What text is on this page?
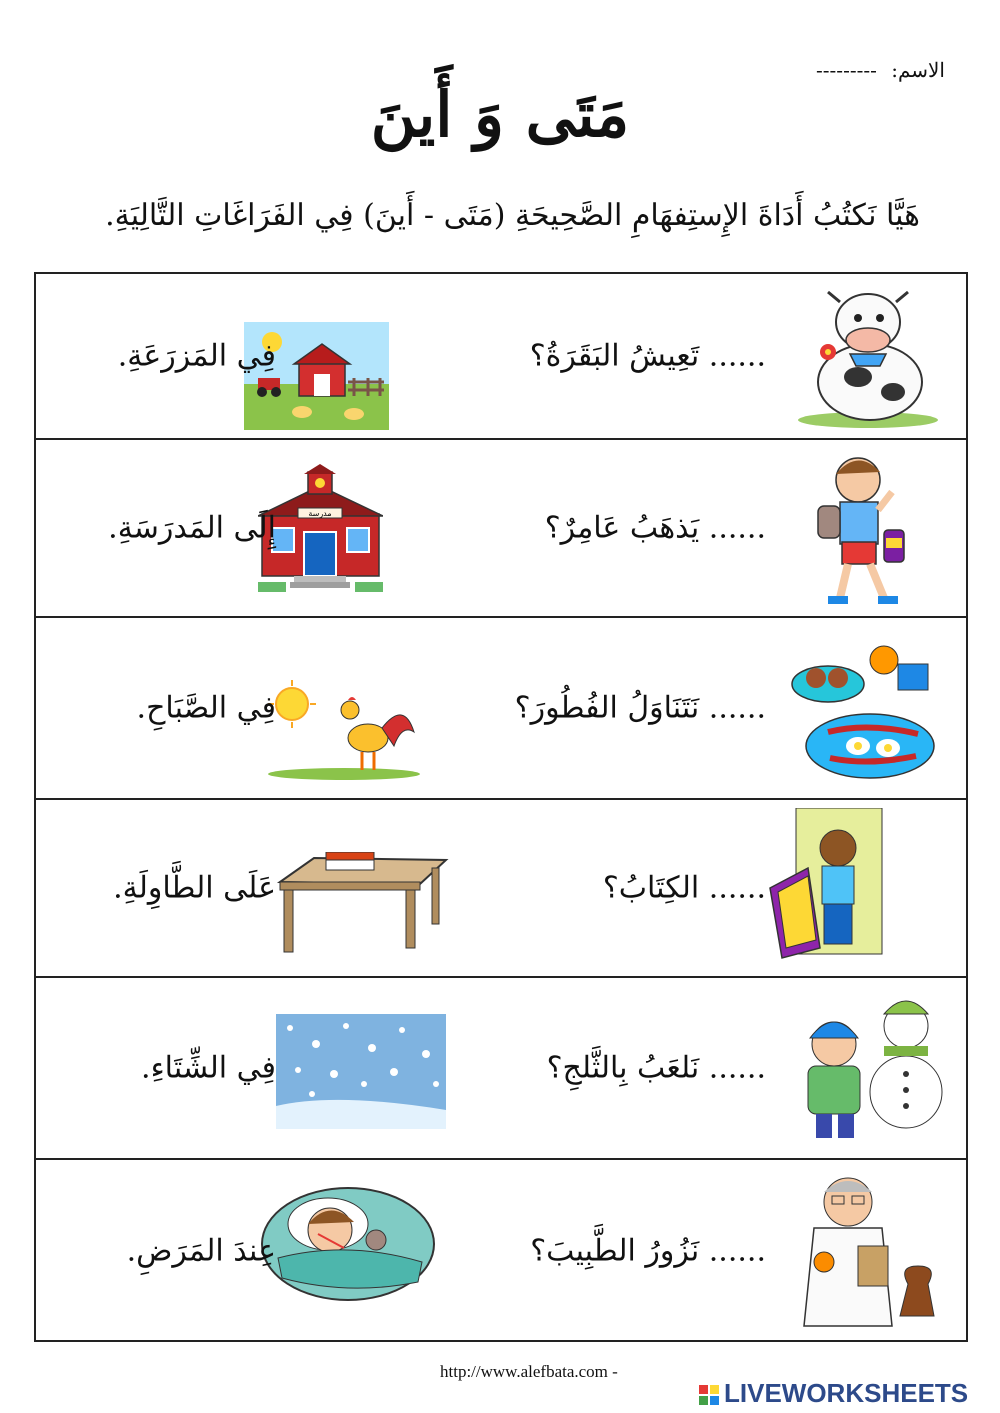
الاسم: ---------
مَتَى وَ أَينَ
هَيَّا نَكتُبُ أَدَاةَ الإِستِفهَامِ الصَّحِيحَةِ (مَتَى - أَينَ) فِي الفَرَاغَاتِ التَّالِيَةِ.
...... تَعِيشُ البَقَرَةُ؟
فِي المَزرَعَةِ.
...... يَذهَبُ عَامِرٌ؟
مدرسة
إِلَى المَدرَسَةِ.
...... نَتَنَاوَلُ الفُطُورَ؟
فِي الصَّبَاحِ.
...... الكِتَابُ؟
عَلَى الطَّاوِلَةِ.
...... نَلعَبُ بِالثَّلجِ؟
فِي الشِّتَاءِ.
...... نَزُورُ الطَّبِيبَ؟
عِندَ المَرَضِ.
http://www.alefbata.com -
LIVEWORKSHEETS
